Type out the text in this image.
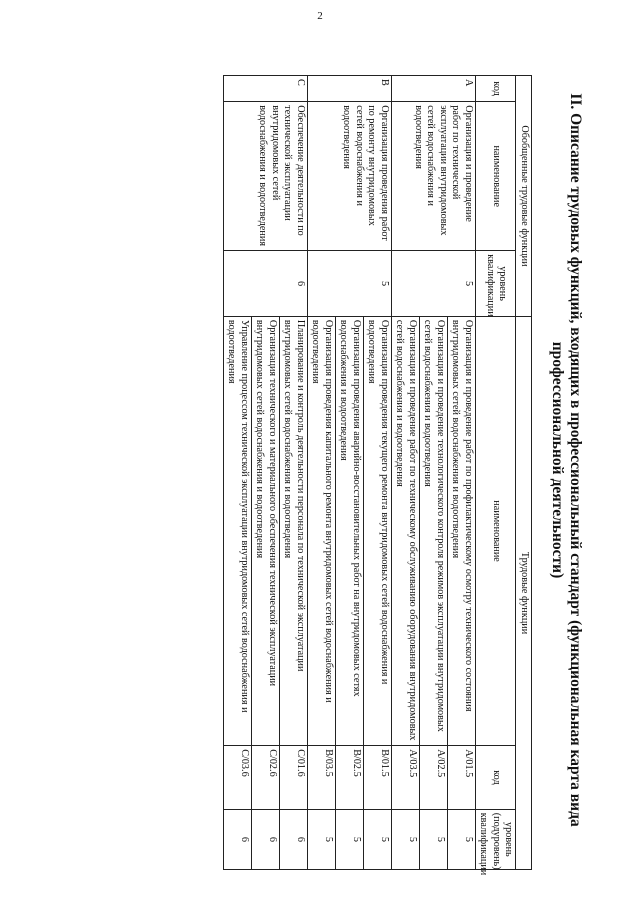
2
II. Описание трудовых функций, входящих в профессиональный стандарт (функциональная карта вида
профессиональной деятельности)
Обобщенные трудовые функции			Трудовые функции		
код	наименование	уровень квалификации	наименование	код	уровень (подуровень) квалификации
A	Организация и проведение работ по технической эксплуатации внутридомовых сетей водоснабжения и водоотведения	5	Организация и проведение работ по профилактическому осмотру технического состояния внутридомовых сетей водоснабжения и водоотведения	A/01.5	5
			Организация и проведение технологического контроля режимов эксплуатации внутридомовых сетей водоснабжения и водоотведения	A/02.5	5
			Организация и проведение работ по техническому обслуживанию оборудования внутридомовых сетей водоснабжения и водоотведения	A/03.5	5
B	Организация проведения работ по ремонту внутридомовых сетей водоснабжения и водоотведения	5	Организация проведения текущего ремонта внутридомовых сетей водоснабжения и водоотведения	B/01.5	5
			Организация проведения аварийно-восстановительных работ на внутридомовых сетях водоснабжения и водоотведения	B/02.5	5
			Организация проведения капитального ремонта внутридомовых сетей водоснабжения и водоотведения	B/03.5	5
C	Обеспечение деятельности по технической эксплуатации внутридомовых сетей водоснабжения и водоотведения	6	Планирование и контроль деятельности персонала по технической эксплуатации внутридомовых сетей водоснабжения и водоотведения	C/01.6	6
			Организация технического и материального обеспечения технической эксплуатации внутридомовых сетей водоснабжения и водоотведения	C/02.6	6
			Управление процессом технической эксплуатации внутридомовых сетей водоснабжения и водоотведения	C/03.6	6
